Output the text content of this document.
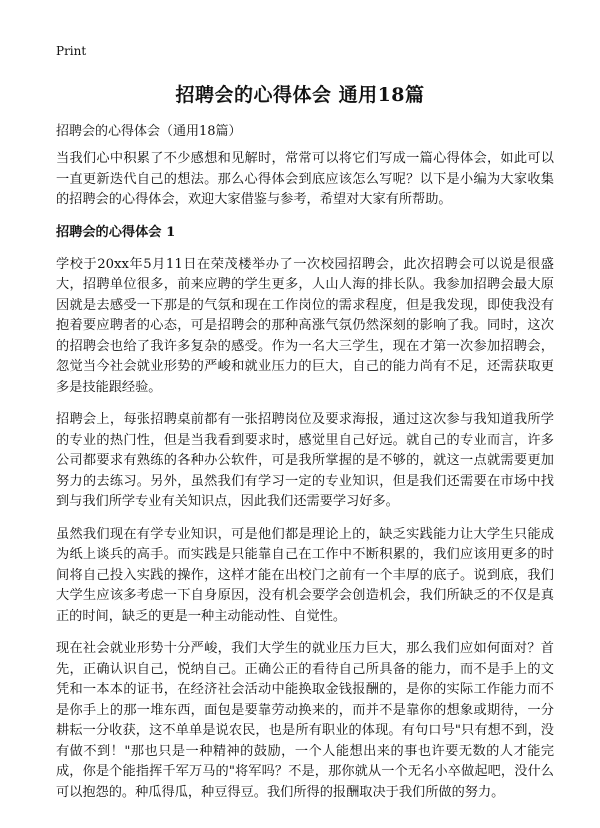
Print
招聘会的心得体会 通用18篇
招聘会的心得体会（通用18篇）

当我们心中积累了不少感想和见解时，常常可以将它们写成一篇心得体会，如此可以一直更新迭代自己的想法。那么心得体会到底应该怎么写呢？以下是小编为大家收集的招聘会的心得体会，欢迎大家借鉴与参考，希望对大家有所帮助。

招聘会的心得体会 1

学校于20xx年5月11日在荣茂楼举办了一次校园招聘会，此次招聘会可以说是很盛大，招聘单位很多，前来应聘的学生更多，人山人海的排长队。我参加招聘会最大原因就是去感受一下那是的气氛和现在工作岗位的需求程度，但是我发现，即使我没有抱着要应聘者的心态，可是招聘会的那种高涨气氛仍然深刻的影响了我。同时，这次的招聘会也给了我许多复杂的感受。作为一名大三学生，现在才第一次参加招聘会，忽觉当今社会就业形势的严峻和就业压力的巨大，自己的能力尚有不足，还需获取更多是技能跟经验。

招聘会上，每张招聘桌前都有一张招聘岗位及要求海报，通过这次参与我知道我所学的专业的热门性，但是当我看到要求时，感觉里自己好远。就自己的专业而言，许多公司都要求有熟练的各种办公软件，可是我所掌握的是不够的，就这一点就需要更加努力的去练习。另外，虽然我们有学习一定的专业知识，但是我们还需要在市场中找到与我们所学专业有关知识点，因此我们还需要学习好多。

虽然我们现在有学专业知识，可是他们都是理论上的，缺乏实践能力让大学生只能成为纸上谈兵的高手。而实践是只能靠自己在工作中不断积累的，我们应该用更多的时间将自己投入实践的操作，这样才能在出校门之前有一个丰厚的底子。说到底，我们大学生应该多考虑一下自身原因，没有机会要学会创造机会，我们所缺乏的不仅是真正的时间，缺乏的更是一种主动能动性、自觉性。

现在社会就业形势十分严峻，我们大学生的就业压力巨大，那么我们应如何面对？首先，正确认识自己，悦纳自己。正确公正的看待自己所具备的能力，而不是手上的文凭和一本本的证书，在经济社会活动中能换取金钱报酬的，是你的实际工作能力而不是你手上的那一堆东西，面包是要靠劳动换来的，而并不是靠你的想象或期待，一分耕耘一分收获，这不单单是说农民，也是所有职业的体现。有句口号"只有想不到，没有做不到！"那也只是一种精神的鼓励，一个人能想出来的事也许要无数的人才能完成，你是个能指挥千军万马的"将军吗？不是，那你就从一个无名小卒做起吧，没什么可以抱怨的。种瓜得瓜，种豆得豆。我们所得的报酬取决于我们所做的努力。
